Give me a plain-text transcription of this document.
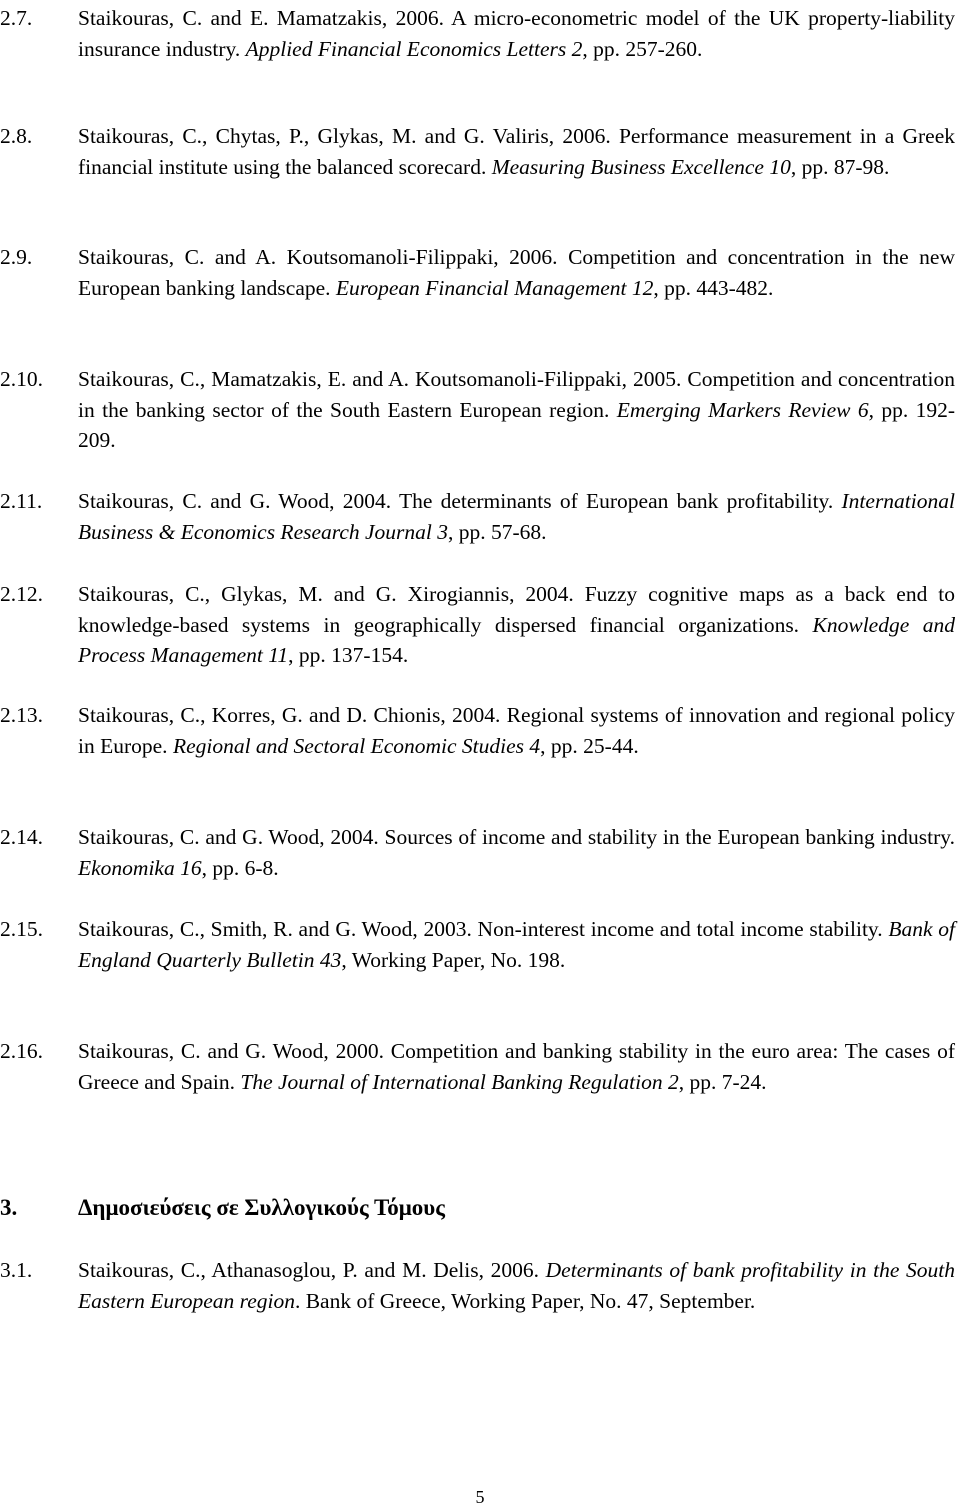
2.7. Staikouras, C. and E. Mamatzakis, 2006. A micro-econometric model of the UK property-liability insurance industry. Applied Financial Economics Letters 2, pp. 257-260.
2.8. Staikouras, C., Chytas, P., Glykas, M. and G. Valiris, 2006. Performance measurement in a Greek financial institute using the balanced scorecard. Measuring Business Excellence 10, pp. 87-98.
2.9. Staikouras, C. and A. Koutsomanoli-Filippaki, 2006. Competition and concentration in the new European banking landscape. European Financial Management 12, pp. 443-482.
2.10. Staikouras, C., Mamatzakis, E. and A. Koutsomanoli-Filippaki, 2005. Competition and concentration in the banking sector of the South Eastern European region. Emerging Markers Review 6, pp. 192-209.
2.11. Staikouras, C. and G. Wood, 2004. The determinants of European bank profitability. International Business & Economics Research Journal 3, pp. 57-68.
2.12. Staikouras, C., Glykas, M. and G. Xirogiannis, 2004. Fuzzy cognitive maps as a back end to knowledge-based systems in geographically dispersed financial organizations. Knowledge and Process Management 11, pp. 137-154.
2.13. Staikouras, C., Korres, G. and D. Chionis, 2004. Regional systems of innovation and regional policy in Europe. Regional and Sectoral Economic Studies 4, pp. 25-44.
2.14. Staikouras, C. and G. Wood, 2004. Sources of income and stability in the European banking industry. Ekonomika 16, pp. 6-8.
2.15. Staikouras, C., Smith, R. and G. Wood, 2003. Non-interest income and total income stability. Bank of England Quarterly Bulletin 43, Working Paper, No. 198.
2.16. Staikouras, C. and G. Wood, 2000. Competition and banking stability in the euro area: The cases of Greece and Spain. The Journal of International Banking Regulation 2, pp. 7-24.
3.	Δημοσιεύσεις σε Συλλογικούς Τόμους
3.1. Staikouras, C., Athanasoglou, P. and M. Delis, 2006. Determinants of bank profitability in the South Eastern European region. Bank of Greece, Working Paper, No. 47, September.
5
